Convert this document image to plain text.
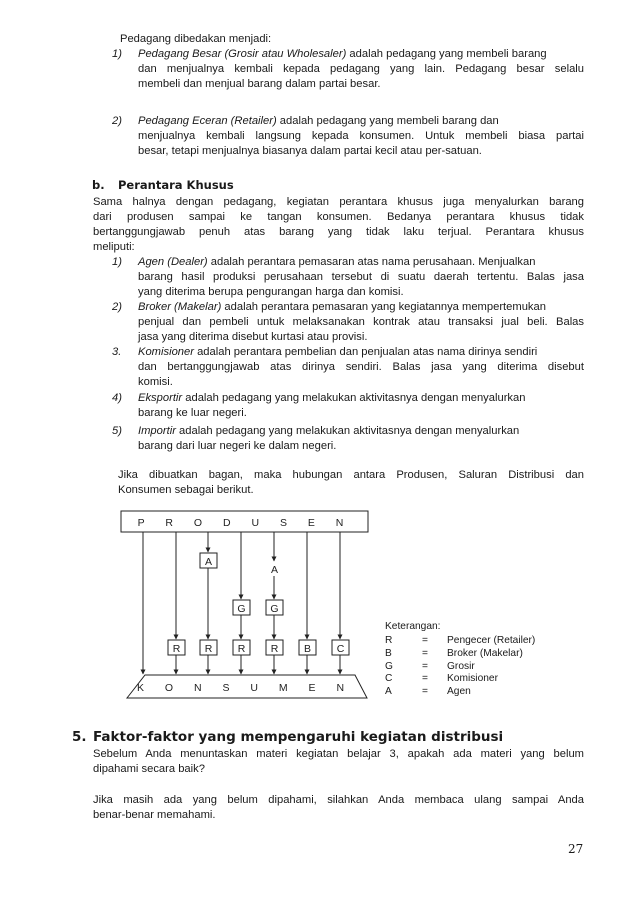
Pedagang dibedakan menjadi:
1) Pedagang Besar (Grosir atau Wholesaler) adalah pedagang yang membeli barang
dan menjualnya kembali kepada pedagang yang lain. Pedagang besar selalu
membeli dan menjual barang dalam partai besar.
2) Pedagang Eceran (Retailer) adalah pedagang yang membeli barang dan
menjualnya kembali langsung kepada konsumen. Untuk membeli biasa partai
besar, tetapi menjualnya biasanya dalam partai kecil atau per-satuan.
b. Perantara Khusus
Sama halnya dengan pedagang, kegiatan perantara khusus juga menyalurkan barang
dari produsen sampai ke tangan konsumen. Bedanya perantara khusus tidak
bertanggungjawab penuh atas barang yang tidak laku terjual. Perantara khusus
meliputi:
1) Agen (Dealer) adalah perantara pemasaran atas nama perusahaan. Menjualkan
barang hasil produksi perusahaan tersebut di suatu daerah tertentu. Balas jasa
yang diterima berupa pengurangan harga dan komisi.
2) Broker (Makelar) adalah perantara pemasaran yang kegiatannya mempertemukan
penjual dan pembeli untuk melaksanakan kontrak atau transaksi jual beli. Balas
jasa yang diterima disebut kurtasi atau provisi.
3. Komisioner adalah perantara pembelian dan penjualan atas nama dirinya sendiri
dan bertanggungjawab atas dirinya sendiri. Balas jasa yang diterima disebut
komisi.
4) Eksportir adalah pedagang yang melakukan aktivitasnya dengan menyalurkan
barang ke luar negeri.
5) Importir adalah pedagang yang melakukan aktivitasnya dengan menyalurkan
barang dari luar negeri ke dalam negeri.
Jika dibuatkan bagan, maka hubungan antara Produsen, Saluran Distribusi dan
Konsumen sebagai berikut.
P R O D U S E N
K O N S U M E N
A
A
G G
R R R R B C
Keterangan:
R	= Pengecer (Retailer)
B	= Broker (Makelar)
G	= Grosir
C	= Komisioner
A	= Agen
5. Faktor-faktor yang mempengaruhi kegiatan distribusi
Sebelum Anda menuntaskan materi kegiatan belajar 3, apakah ada materi yang belum
dipahami secara baik?
Jika masih ada yang belum dipahami, silahkan Anda membaca ulang sampai Anda
benar-benar memahami.
27
